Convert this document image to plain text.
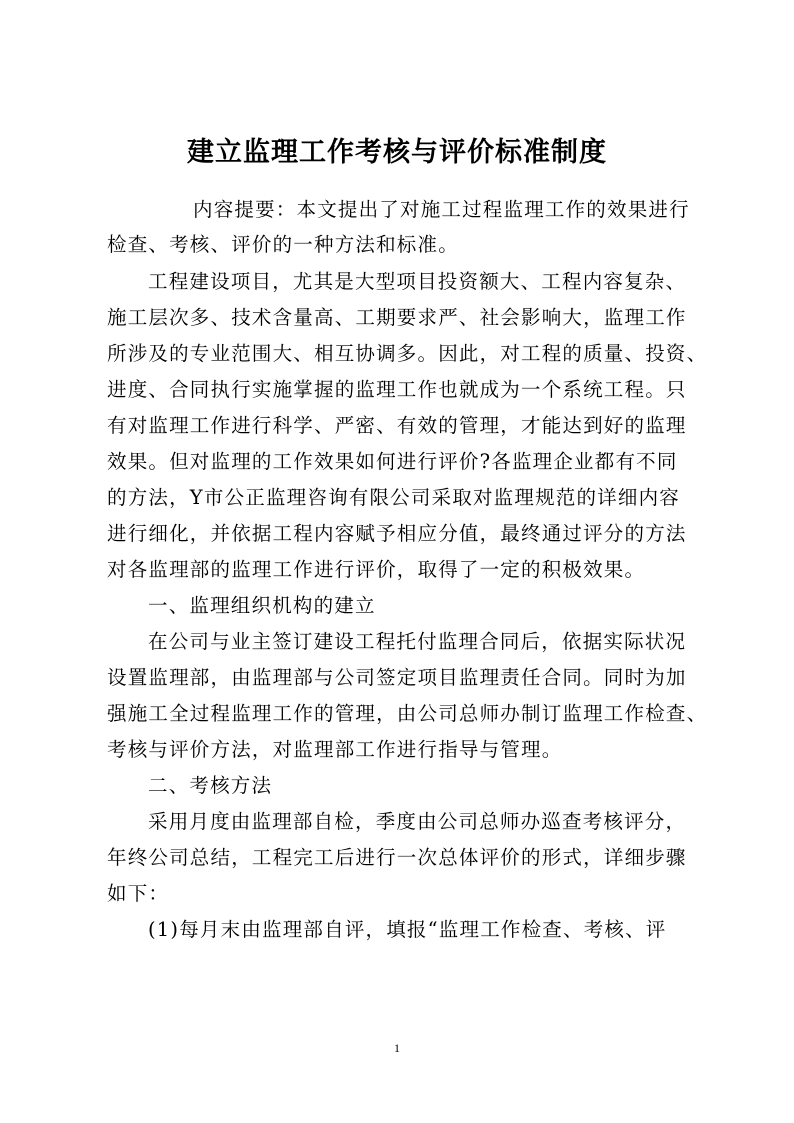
建立监理工作考核与评价标准制度
内容提要：本文提出了对施工过程监理工作的效果进行
检查、考核、评价的一种方法和标准。
工程建设项目，尤其是大型项目投资额大、工程内容复杂、
施工层次多、技术含量高、工期要求严、社会影响大，监理工作
所涉及的专业范围大、相互协调多。因此，对工程的质量、投资、
进度、合同执行实施掌握的监理工作也就成为一个系统工程。只
有对监理工作进行科学、严密、有效的管理，才能达到好的监理
效果。但对监理的工作效果如何进行评价?各监理企业都有不同
的方法，Y市公正监理咨询有限公司采取对监理规范的详细内容
进行细化，并依据工程内容赋予相应分值，最终通过评分的方法
对各监理部的监理工作进行评价，取得了一定的积极效果。
一、监理组织机构的建立
在公司与业主签订建设工程托付监理合同后，依据实际状况
设置监理部，由监理部与公司签定项目监理责任合同。同时为加
强施工全过程监理工作的管理，由公司总师办制订监理工作检查、
考核与评价方法，对监理部工作进行指导与管理。
二、考核方法
采用月度由监理部自检，季度由公司总师办巡查考核评分，
年终公司总结，工程完工后进行一次总体评价的形式，详细步骤
如下：
(1)每月末由监理部自评，填报“监理工作检查、考核、评
1
